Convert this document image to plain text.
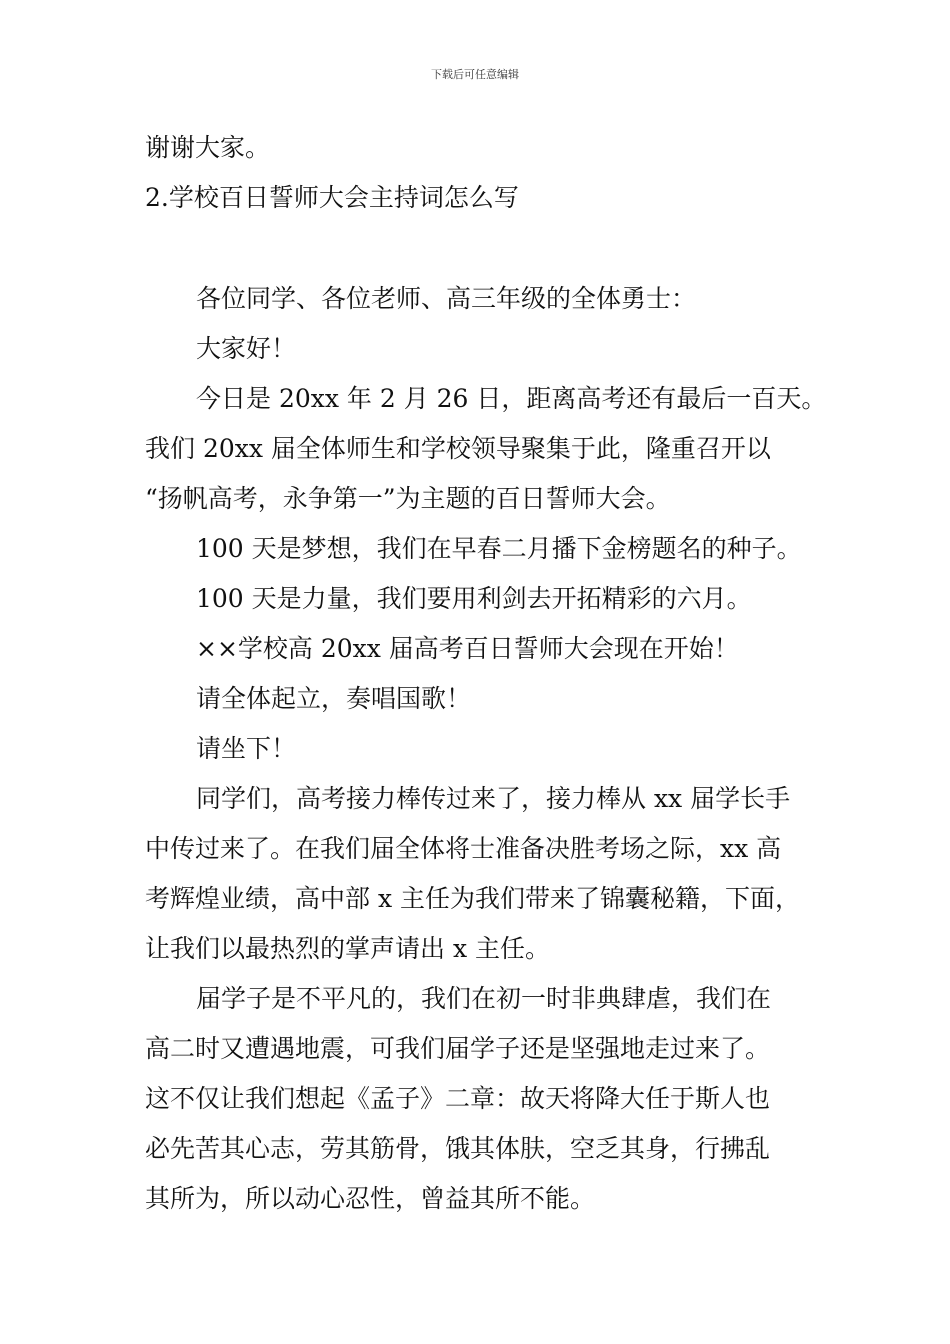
下载后可任意编辑
谢谢大家。
2.学校百日誓师大会主持词怎么写
各位同学、各位老师、高三年级的全体勇士：
大家好！
今日是 20xx 年 2 月 26 日，距离高考还有最后一百天。
我们 20xx 届全体师生和学校领导聚集于此，隆重召开以
“扬帆高考，永争第一”为主题的百日誓师大会。
100 天是梦想，我们在早春二月播下金榜题名的种子。
100 天是力量，我们要用利剑去开拓精彩的六月。
××学校高 20xx 届高考百日誓师大会现在开始！
请全体起立，奏唱国歌！
请坐下！
同学们，高考接力棒传过来了，接力棒从 xx 届学长手
中传过来了。在我们届全体将士准备决胜考场之际，xx 高
考辉煌业绩，高中部 x 主任为我们带来了锦囊秘籍，下面，
让我们以最热烈的掌声请出 x 主任。
届学子是不平凡的，我们在初一时非典肆虐，我们在
高二时又遭遇地震，可我们届学子还是坚强地走过来了。
这不仅让我们想起《孟子》二章：故天将降大任于斯人也
必先苦其心志，劳其筋骨，饿其体肤，空乏其身，行拂乱
其所为，所以动心忍性，曾益其所不能。
